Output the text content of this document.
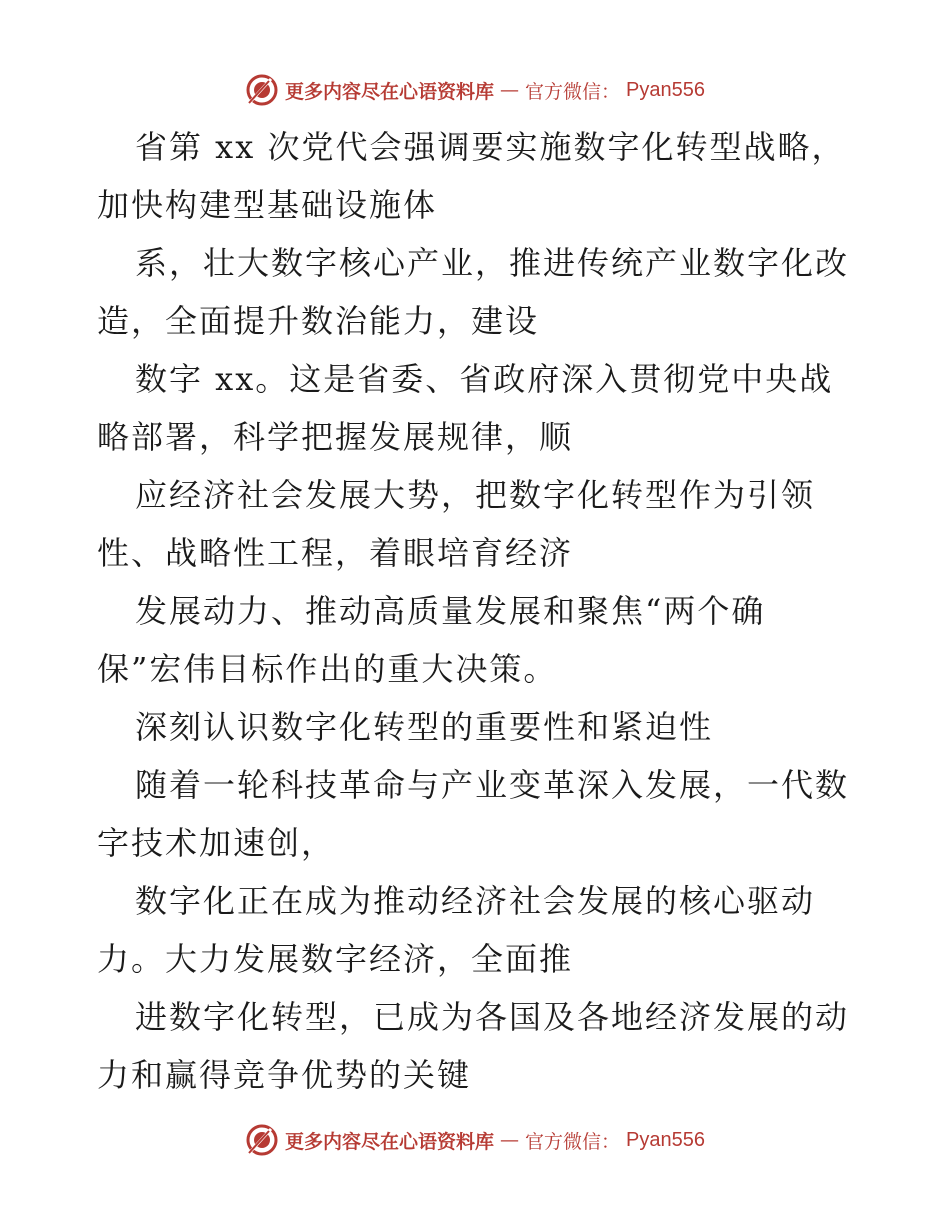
更多内容尽在心语资料库 — 官方微信： Pyan556
省第 xx 次党代会强调要实施数字化转型战略，
加快构建型基础设施体
系，壮大数字核心产业，推进传统产业数字化改
造，全面提升数治能力，建设
数字 xx。这是省委、省政府深入贯彻党中央战
略部署，科学把握发展规律，顺
应经济社会发展大势，把数字化转型作为引领
性、战略性工程，着眼培育经济
发展动力、推动高质量发展和聚焦“两个确
保”宏伟目标作出的重大决策。
深刻认识数字化转型的重要性和紧迫性
随着一轮科技革命与产业变革深入发展，一代数
字技术加速创，
数字化正在成为推动经济社会发展的核心驱动
力。大力发展数字经济，全面推
进数字化转型，已成为各国及各地经济发展的动
力和赢得竞争优势的关键
更多内容尽在心语资料库 — 官方微信： Pyan556
